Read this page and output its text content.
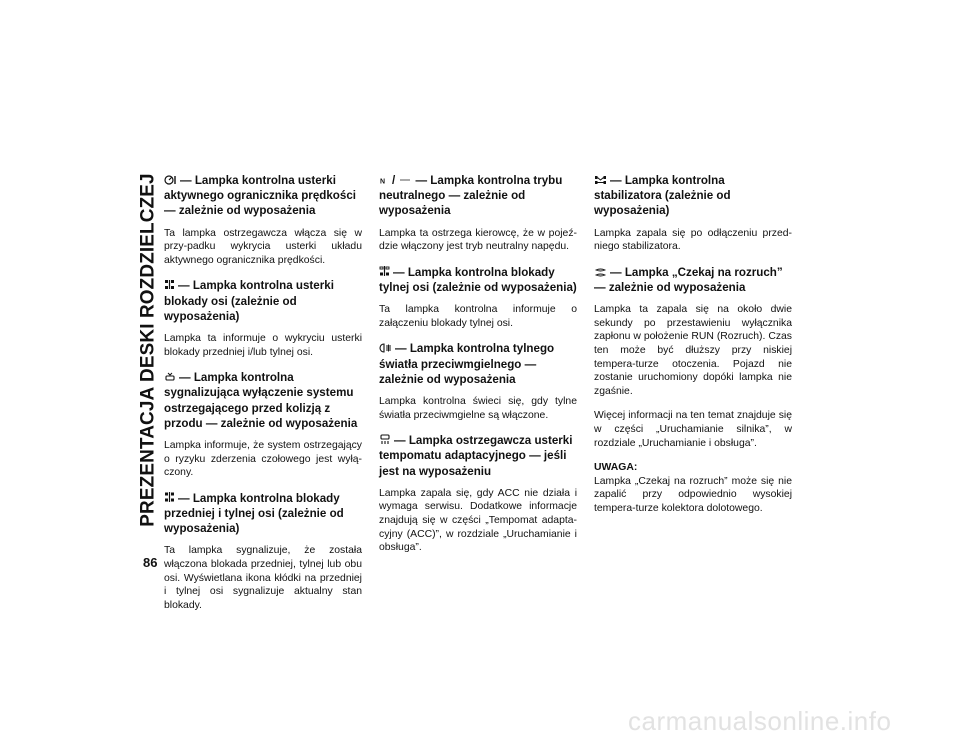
PREZENTACJA DESKI ROZDZIELCZEJ
86
— Lampka kontrolna usterki aktywnego ogranicznika prędkości — zależnie od wyposażenia

Ta lampka ostrzegawcza włącza się w przy-padku wykrycia usterki układu aktywnego ogranicznika prędkości.

— Lampka kontrolna usterki blokady osi (zależnie od wyposażenia)

Lampka ta informuje o wykryciu usterki blokady przedniej i/lub tylnej osi.

— Lampka kontrolna sygnalizująca wyłączenie systemu ostrzegającego przed kolizją z przodu — zależnie od wyposażenia

Lampka informuje, że system ostrzegający o ryzyku zderzenia czołowego jest wyłą-czony.

— Lampka kontrolna blokady przedniej i tylnej osi (zależnie od wyposażenia)

Ta lampka sygnalizuje, że została włączona blokada przedniej, tylnej lub obu osi. Wyświetlana ikona kłódki na przedniej i tylnej osi sygnalizuje aktualny stan blokady.

N / — Lampka kontrolna trybu neutralnego — zależnie od wyposażenia

Lampka ta ostrzega kierowcę, że w pojeź-dzie włączony jest tryb neutralny napędu.

— Lampka kontrolna blokady tylnej osi (zależnie od wyposażenia)

Ta lampka kontrolna informuje o załączeniu blokady tylnej osi.

— Lampka kontrolna tylnego światła przeciwmgielnego — zależnie od wyposażenia

Lampka kontrolna świeci się, gdy tylne światła przeciwmgielne są włączone.

— Lampka ostrzegawcza usterki tempomatu adaptacyjnego — jeśli jest na wyposażeniu

Lampka zapala się, gdy ACC nie działa i wymaga serwisu. Dodatkowe informacje znajdują się w części „Tempomat adapta-cyjny (ACC)”, w rozdziale „Uruchamianie i obsługa”.

— Lampka kontrolna stabilizatora (zależnie od wyposażenia)

Lampka zapala się po odłączeniu przed-niego stabilizatora.

— Lampka „Czekaj na rozruch” — zależnie od wyposażenia

Lampka ta zapala się na około dwie sekundy po przestawieniu wyłącznika zapłonu w położenie RUN (Rozruch). Czas ten może być dłuższy przy niskiej tempera-turze otoczenia. Pojazd nie zostanie uruchomiony dopóki lampka nie zgaśnie.

Więcej informacji na ten temat znajduje się w części „Uruchamianie silnika”, w rozdziale „Uruchamianie i obsługa”.

UWAGA:
Lampka „Czekaj na rozruch” może się nie zapalić przy odpowiednio wysokiej tempera-turze kolektora dolotowego.

carmanualsonline.info
